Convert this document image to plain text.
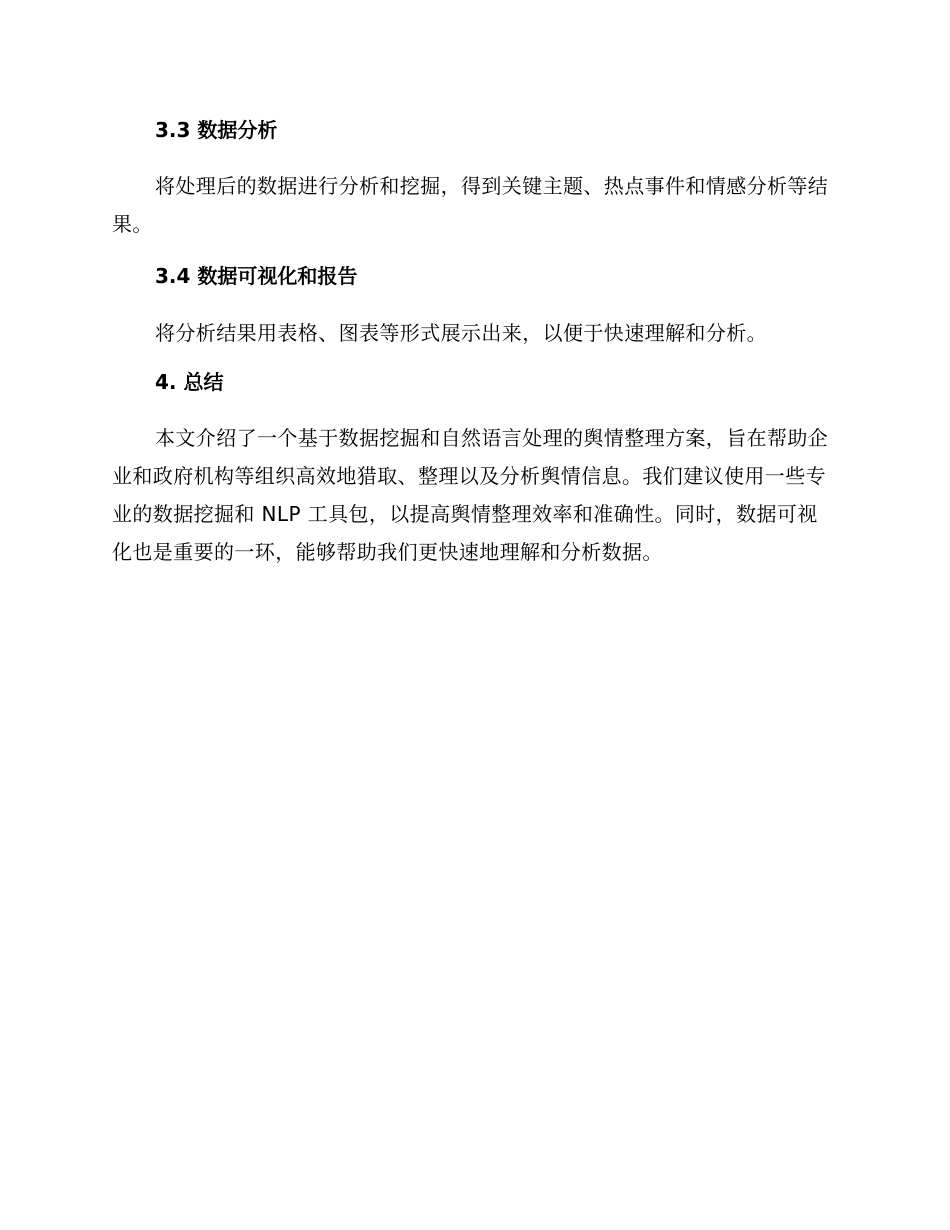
3.3 数据分析

将处理后的数据进行分析和挖掘，得到关键主题、热点事件和情感分析等结果。

3.4 数据可视化和报告

将分析结果用表格、图表等形式展示出来，以便于快速理解和分析。

4. 总结

本文介绍了一个基于数据挖掘和自然语言处理的舆情整理方案，旨在帮助企业和政府机构等组织高效地猎取、整理以及分析舆情信息。我们建议使用一些专业的数据挖掘和 NLP 工具包，以提高舆情整理效率和准确性。同时，数据可视化也是重要的一环，能够帮助我们更快速地理解和分析数据。
